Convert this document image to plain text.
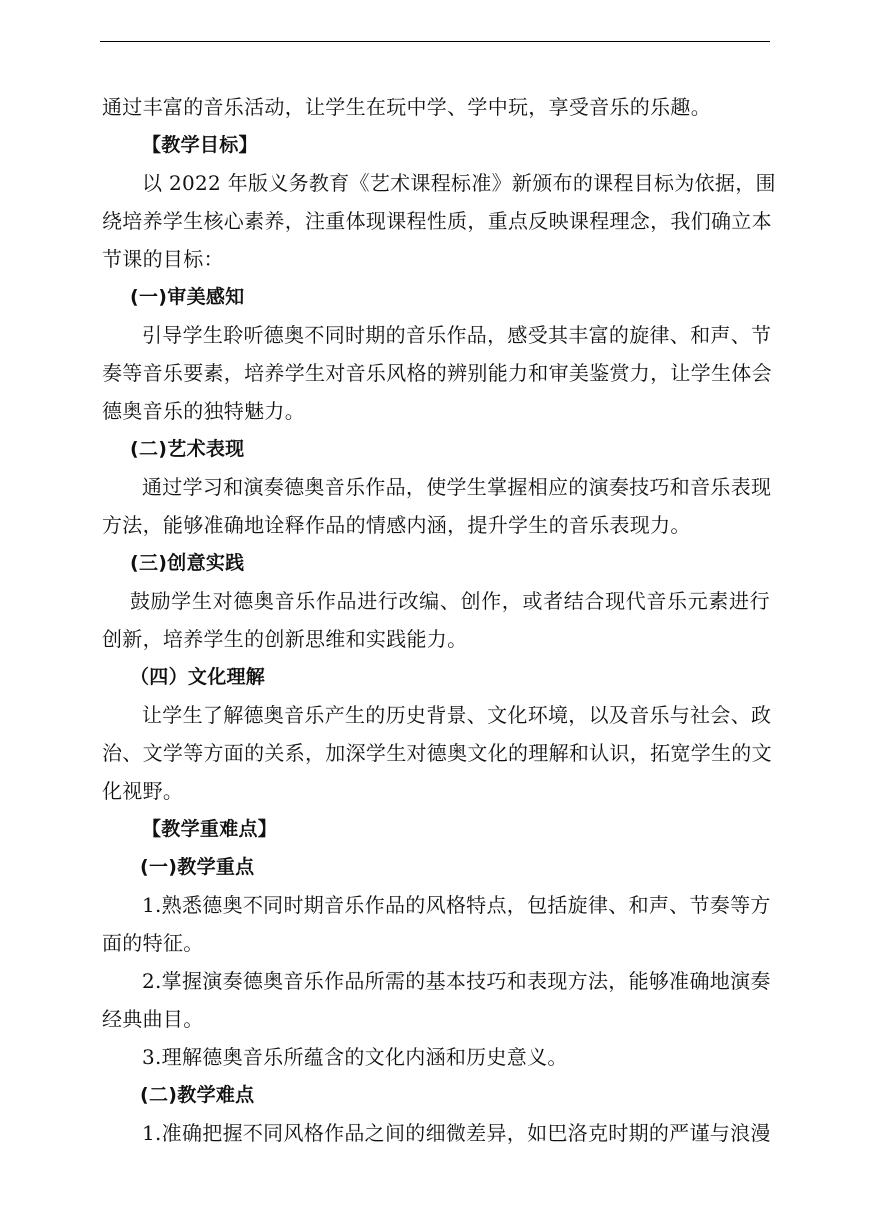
通过丰富的音乐活动，让学生在玩中学、学中玩，享受音乐的乐趣。
【教学目标】
以 2022 年版义务教育《艺术课程标准》新颁布的课程目标为依据，围
绕培养学生核心素养，注重体现课程性质，重点反映课程理念，我们确立本
节课的目标：
(一)审美感知
引导学生聆听德奥不同时期的音乐作品，感受其丰富的旋律、和声、节
奏等音乐要素，培养学生对音乐风格的辨别能力和审美鉴赏力，让学生体会
德奥音乐的独特魅力。
(二)艺术表现
通过学习和演奏德奥音乐作品，使学生掌握相应的演奏技巧和音乐表现
方法，能够准确地诠释作品的情感内涵，提升学生的音乐表现力。
(三)创意实践
鼓励学生对德奥音乐作品进行改编、创作，或者结合现代音乐元素进行
创新，培养学生的创新思维和实践能力。
（四）文化理解
让学生了解德奥音乐产生的历史背景、文化环境，以及音乐与社会、政
治、文学等方面的关系，加深学生对德奥文化的理解和认识，拓宽学生的文
化视野。
【教学重难点】
(一)教学重点
1.熟悉德奥不同时期音乐作品的风格特点，包括旋律、和声、节奏等方
面的特征。
2.掌握演奏德奥音乐作品所需的基本技巧和表现方法，能够准确地演奏
经典曲目。
3.理解德奥音乐所蕴含的文化内涵和历史意义。
(二)教学难点
1.准确把握不同风格作品之间的细微差异，如巴洛克时期的严谨与浪漫
